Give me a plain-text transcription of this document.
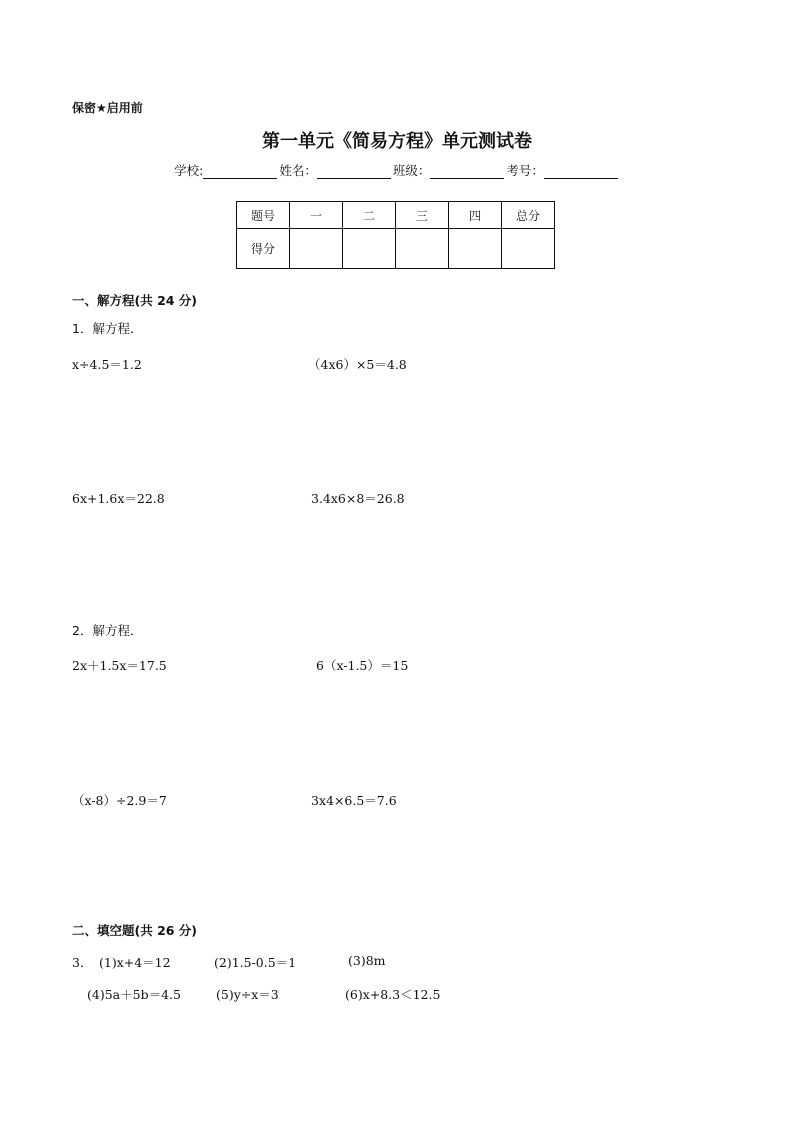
保密★启用前
第一单元《简易方程》单元测试卷
学校:	姓名：	班级：	考号：
题号	一	二	三	四	总分
得分					
一、解方程(共 24 分)
1．解方程．
x÷4.5＝1.2	（4x6）×5＝4.8
6x+1.6x＝22.8	3.4x6×8＝26.8
2．解方程．
2x＋1.5x＝17.5	6（x-1.5）＝15
（x-8）÷2.9＝7	3x4×6.5＝7.6
二、填空题(共 26 分)
3． (1)x+4＝12	(2)1.5-0.5＝1	(3)8m
(4)5a＋5b＝4.5	(5)y÷x＝3	(6)x+8.3＜12.5
